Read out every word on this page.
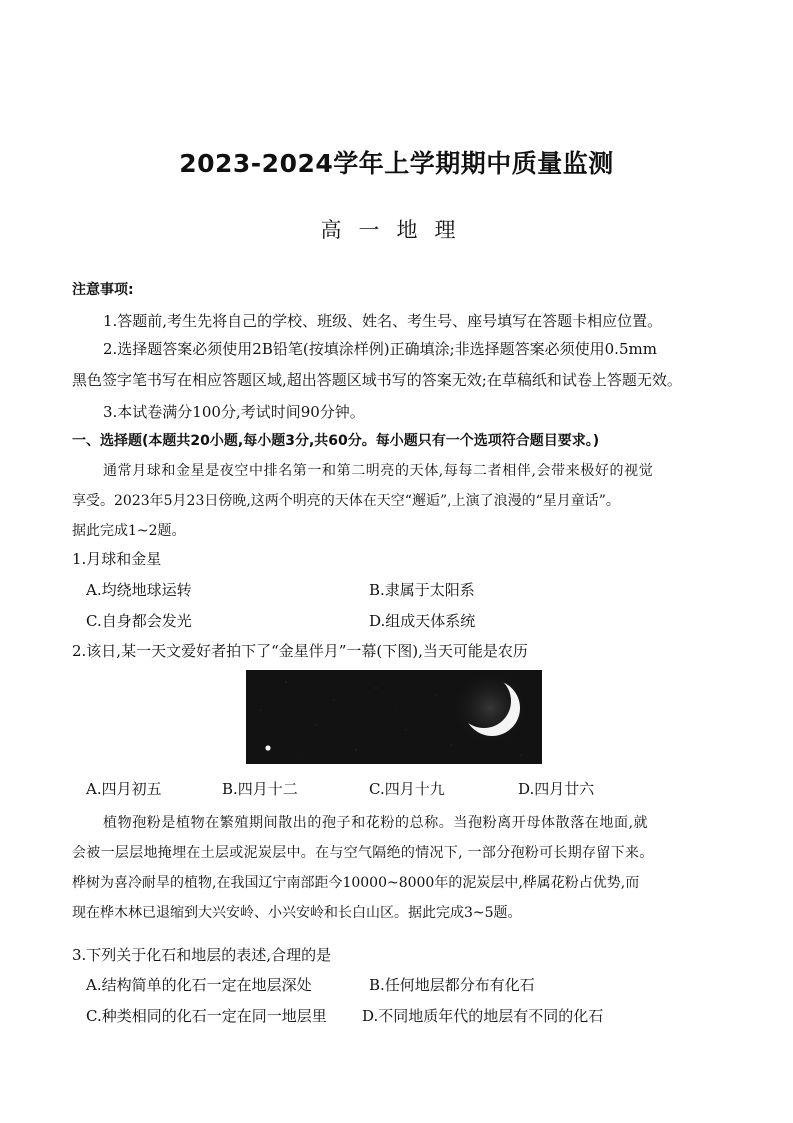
2023-2024学年上学期期中质量监测
高一地理
注意事项:
1.答题前,考生先将自己的学校、班级、姓名、考生号、座号填写在答题卡相应位置。
2.选择题答案必须使用2B铅笔(按填涂样例)正确填涂;非选择题答案必须使用0.5mm
黑色签字笔书写在相应答题区域,超出答题区域书写的答案无效;在草稿纸和试卷上答题无效。
3.本试卷满分100分,考试时间90分钟。
一、选择题(本题共20小题,每小题3分,共60分。每小题只有一个选项符合题目要求。)
通常月球和金星是夜空中排名第一和第二明亮的天体,每每二者相伴,会带来极好的视觉
享受。2023年5月23日傍晚,这两个明亮的天体在天空“邂逅”,上演了浪漫的“星月童话”。
据此完成1~2题。
1.月球和金星
A.均绕地球运转	B.隶属于太阳系
C.自身都会发光	D.组成天体系统
2.该日,某一天文爱好者拍下了“金星伴月”一幕(下图),当天可能是农历
A.四月初五	B.四月十二	C.四月十九	D.四月廿六
植物孢粉是植物在繁殖期间散出的孢子和花粉的总称。当孢粉离开母体散落在地面,就
会被一层层地掩埋在土层或泥炭层中。在与空气隔绝的情况下, 一部分孢粉可长期存留下来。
桦树为喜冷耐旱的植物,在我国辽宁南部距今10000~8000年的泥炭层中,桦属花粉占优势,而
现在桦木林已退缩到大兴安岭、小兴安岭和长白山区。据此完成3~5题。
3.下列关于化石和地层的表述,合理的是
A.结构简单的化石一定在地层深处	B.任何地层都分布有化石
C.种类相同的化石一定在同一地层里 D.不同地质年代的地层有不同的化石
